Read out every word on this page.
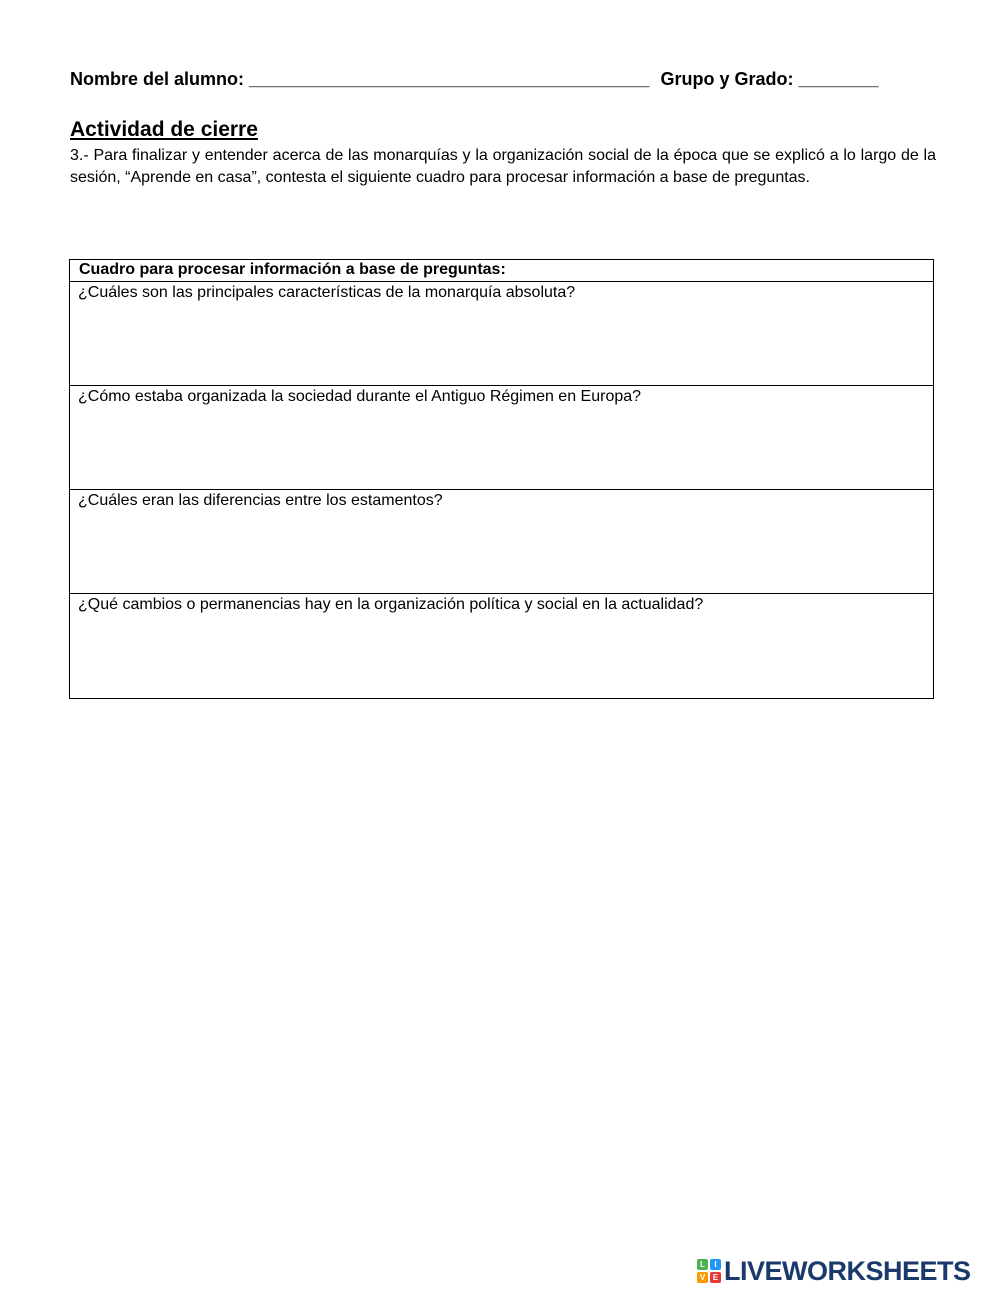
Nombre del alumno: ________________________________________ Grupo y Grado: ________
Actividad de cierre
3.- Para finalizar y entender acerca de las monarquías y la organización social de la época que se explicó a lo largo de la sesión, “Aprende en casa”, contesta el siguiente cuadro para procesar información a base de preguntas.
Cuadro para procesar información a base de preguntas:
¿Cuáles son las principales características de la monarquía absoluta?
¿Cómo estaba organizada la sociedad durante el Antiguo Régimen en Europa?
¿Cuáles eran las diferencias entre los estamentos?
¿Qué cambios o permanencias hay en la organización política y social en la actualidad?
L	I
V E LIVEWORKSHEETS
